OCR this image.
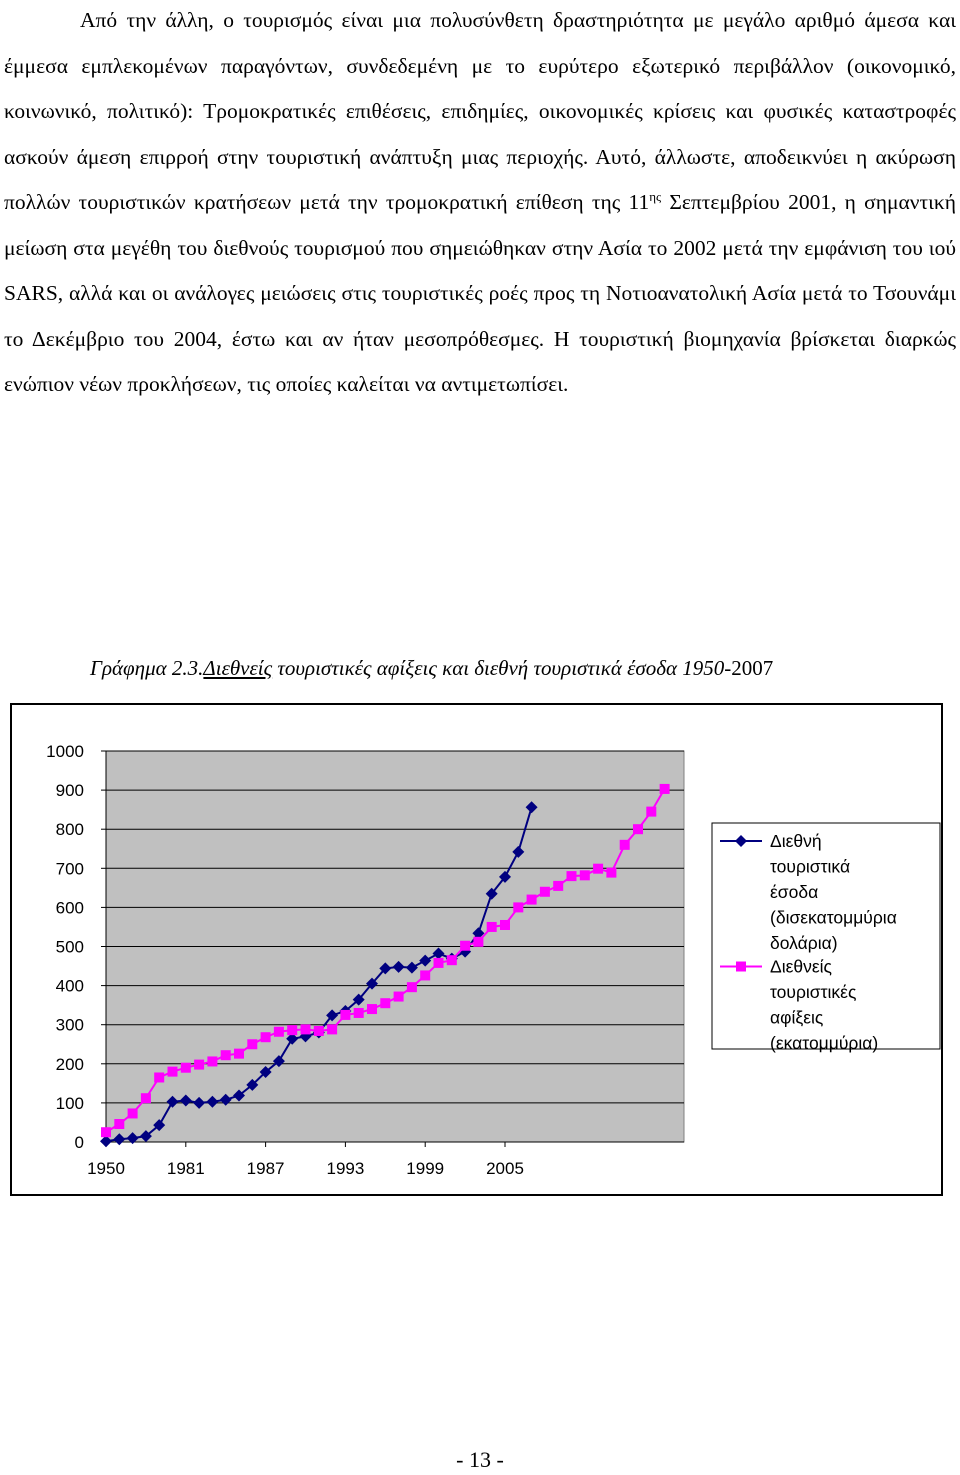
Από την άλλη, ο τουρισμός είναι μια πολυσύνθετη δραστηριότητα με μεγάλο αριθμό άμεσα και έμμεσα εμπλεκομένων παραγόντων, συνδεδεμένη με το ευρύτερο εξωτερικό περιβάλλον (οικονομικό, κοινωνικό, πολιτικό): Τρομοκρατικές επιθέσεις, επιδημίες, οικονομικές κρίσεις και φυσικές καταστροφές ασκούν άμεση επιρροή στην τουριστική ανάπτυξη μιας περιοχής. Αυτό, άλλωστε, αποδεικνύει η ακύρωση πολλών τουριστικών κρατήσεων μετά την τρομοκρατική επίθεση της $11^{\eta\varsigma}$ Σεπτεμβρίου 2001, η σημαντική μείωση στα μεγέθη του διεθνούς τουρισμού που σημειώθηκαν στην Ασία το 2002 μετά την εμφάνιση του ιού SARS, αλλά και οι ανάλογες μειώσεις στις τουριστικές ροές προς τη Νοτιοανατολική Ασία μετά το Τσουνάμι το Δεκέμβριο του 2004, έστω και αν ήταν μεσοπρόθεσμες. Η τουριστική βιομηχανία βρίσκεται διαρκώς ενώπιον νέων προκλήσεων, τις οποίες καλείται να αντιμετωπίσει.

Γράφημα 2.3.Διεθνείς τουριστικές αφίξεις και διεθνή τουριστικά έσοδα 1950-2007
1000
900
800
700
600
500
400
300
200
100
0
1950 1981 1987 1993 1999 2005
Διεθνή
τουριστικά
έσοδα
(δισεκατομμύρια
δολάρια)
Διεθνείς
τουριστικές
αφίξεις
(εκατομμύρια)
- 13 -
